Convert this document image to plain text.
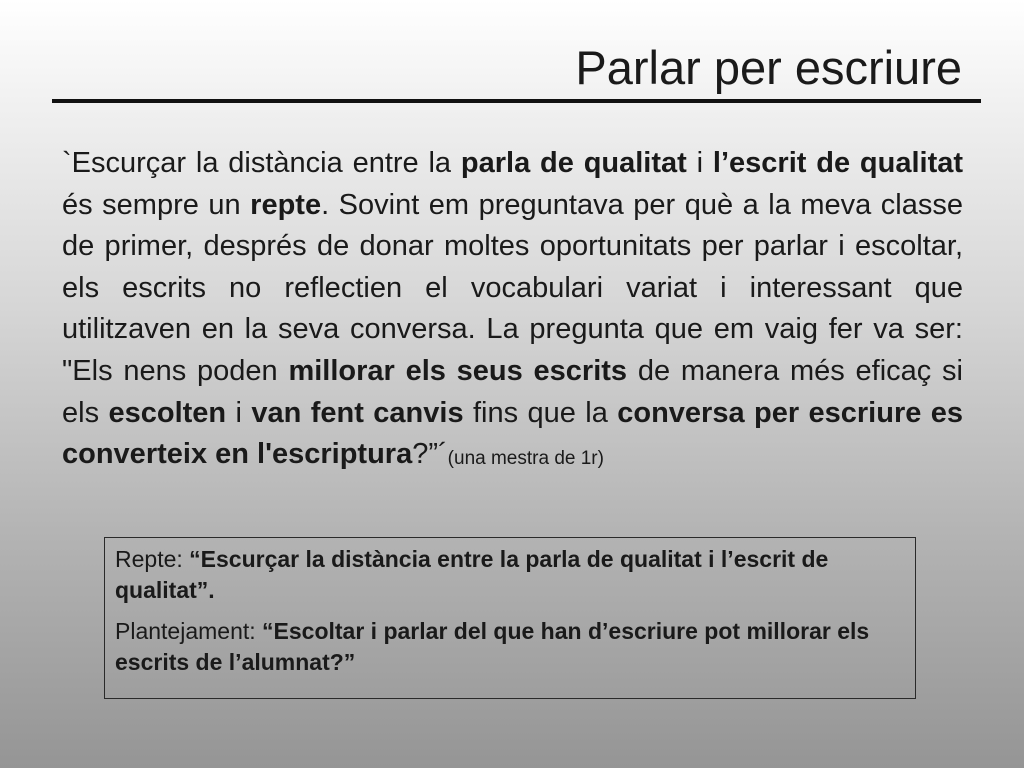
Parlar per escriure

`Escurçar la distància entre la parla de qualitat i l’escrit de qualitat és sempre un repte. Sovint em preguntava per què a la meva classe de primer, després de donar moltes oportunitats per parlar i escoltar, els escrits no reflectien el vocabulari variat i interessant que utilitzaven en la seva conversa. La pregunta que em vaig fer va ser: "Els nens poden millorar els seus escrits de manera més eficaç si els escolten i van fent canvis fins que la conversa per escriure es converteix en l'escriptura?”´$^{(una mestra de 1r)}$

Repte: “Escurçar la distància entre la parla de qualitat i l’escrit de qualitat”.

Plantejament: “Escoltar i parlar del que han d’escriure pot millorar els escrits de l’alumnat?”
